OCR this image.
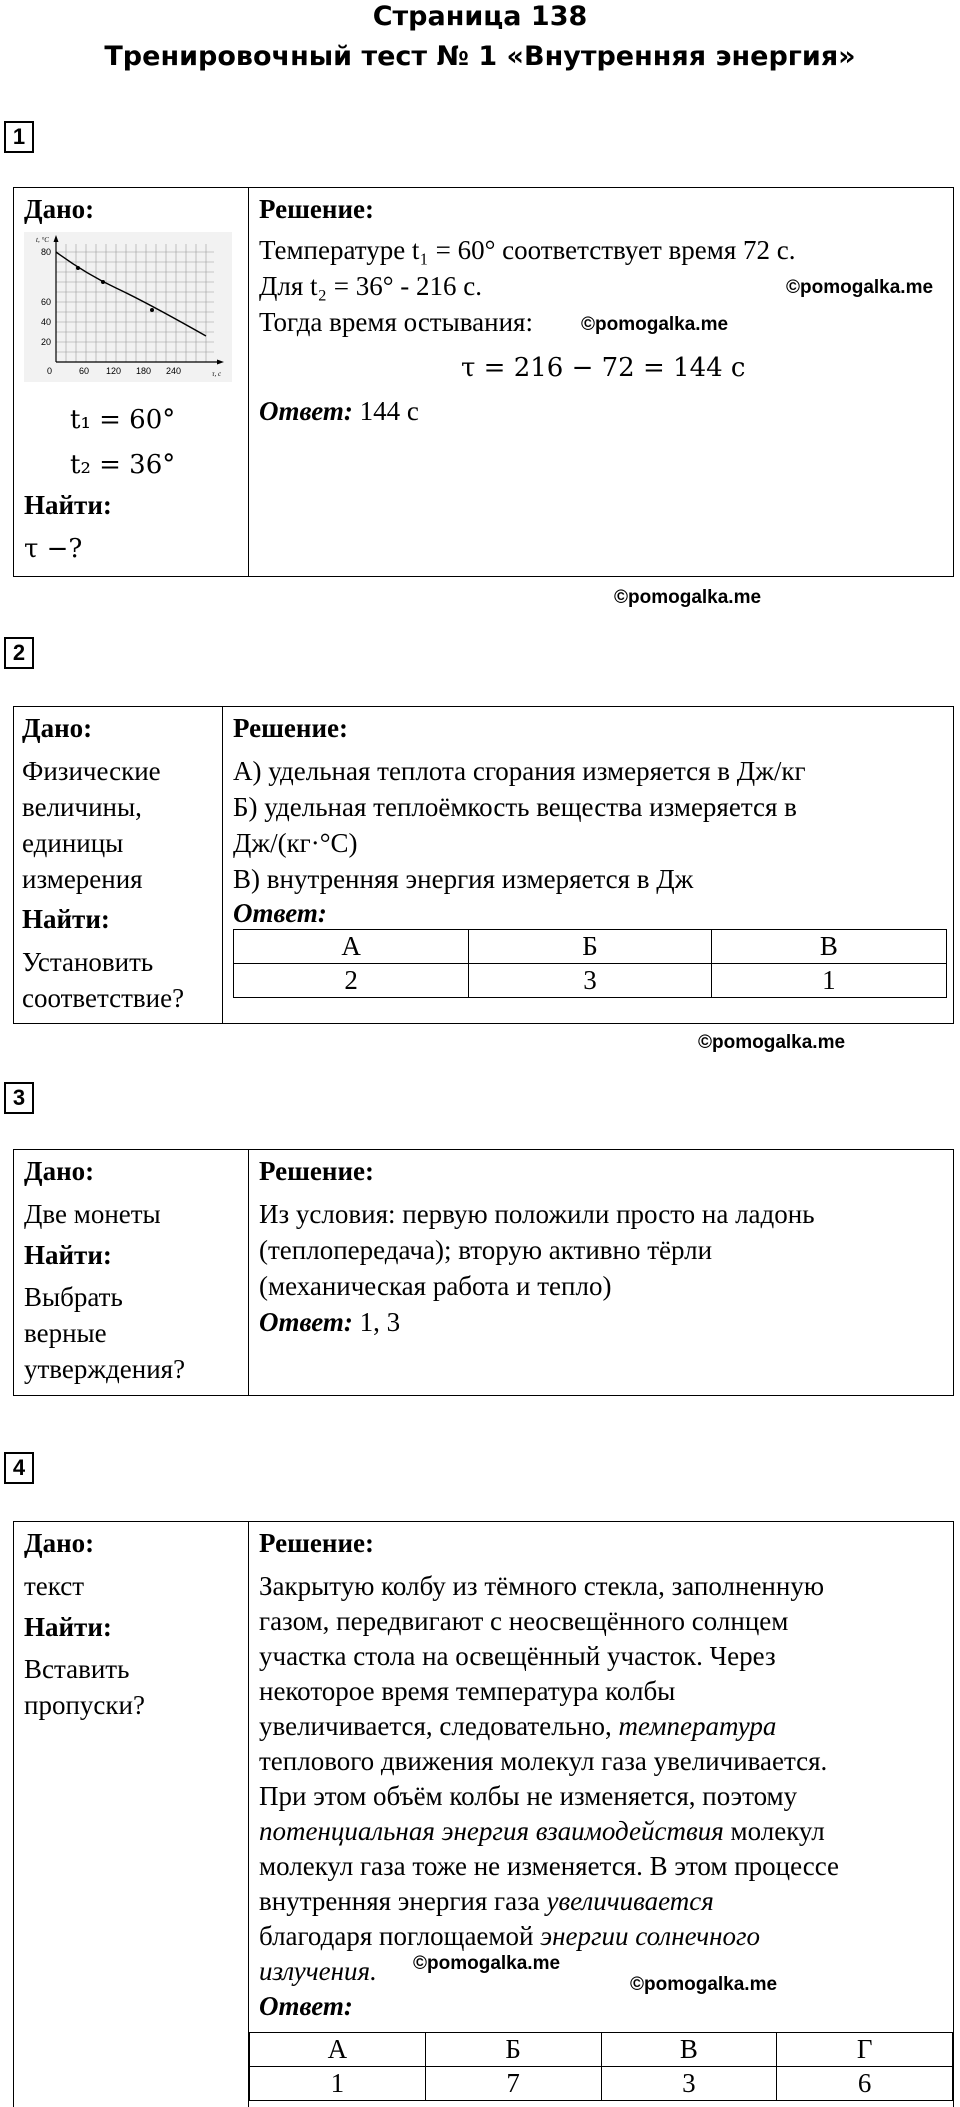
Страница 138
Тренировочный тест № 1 «Внутренняя энергия»
1
Дано:
t, °С
τ, с
0
20
40
60
80
60 120 180 240
t₁ = 60°
t₂ = 36°
Найти:
τ −?
Решение:
Температуре t₁ = 60° соответствует время 72 с.
Для t₂ = 36° - 216 с.
Тогда время остывания:
τ = 216 − 72 = 144 с
Ответ: 144 с
©pomogalka.me
©pomogalka.me
©pomogalka.me
2
Дано:
Физические
величины,
единицы
измерения
Найти:
Установить
соответствие?
Решение:
А) удельная теплота сгорания измеряется в Дж/кг
Б) удельная теплоёмкость вещества измеряется в
Дж/(кг·°С)
В) внутренняя энергия измеряется в Дж
Ответ:
А	Б	В
2	3	1
©pomogalka.me
3
Дано:
Две монеты
Найти:
Выбрать
верные
утверждения?
Решение:
Из условия: первую положили просто на ладонь
(теплопередача); вторую активно тёрли
(механическая работа и тепло)
Ответ: 1, 3
4
Дано:
текст
Найти:
Вставить
пропуски?
Решение:
Закрытую колбу из тёмного стекла, заполненную
газом, передвигают с неосвещённого солнцем
участка стола на освещённый участок. Через
некоторое время температура колбы
увеличивается, следовательно, температура
теплового движения молекул газа увеличивается.
При этом объём колбы не изменяется, поэтому
потенциальная энергия взаимодействия молекул
молекул газа тоже не изменяется. В этом процессе
внутренняя энергия газа увеличивается
благодаря поглощаемой энергии солнечного
излучения.
Ответ:
А	Б	В	Г
1	7	3	6
©pomogalka.me
©pomogalka.me
